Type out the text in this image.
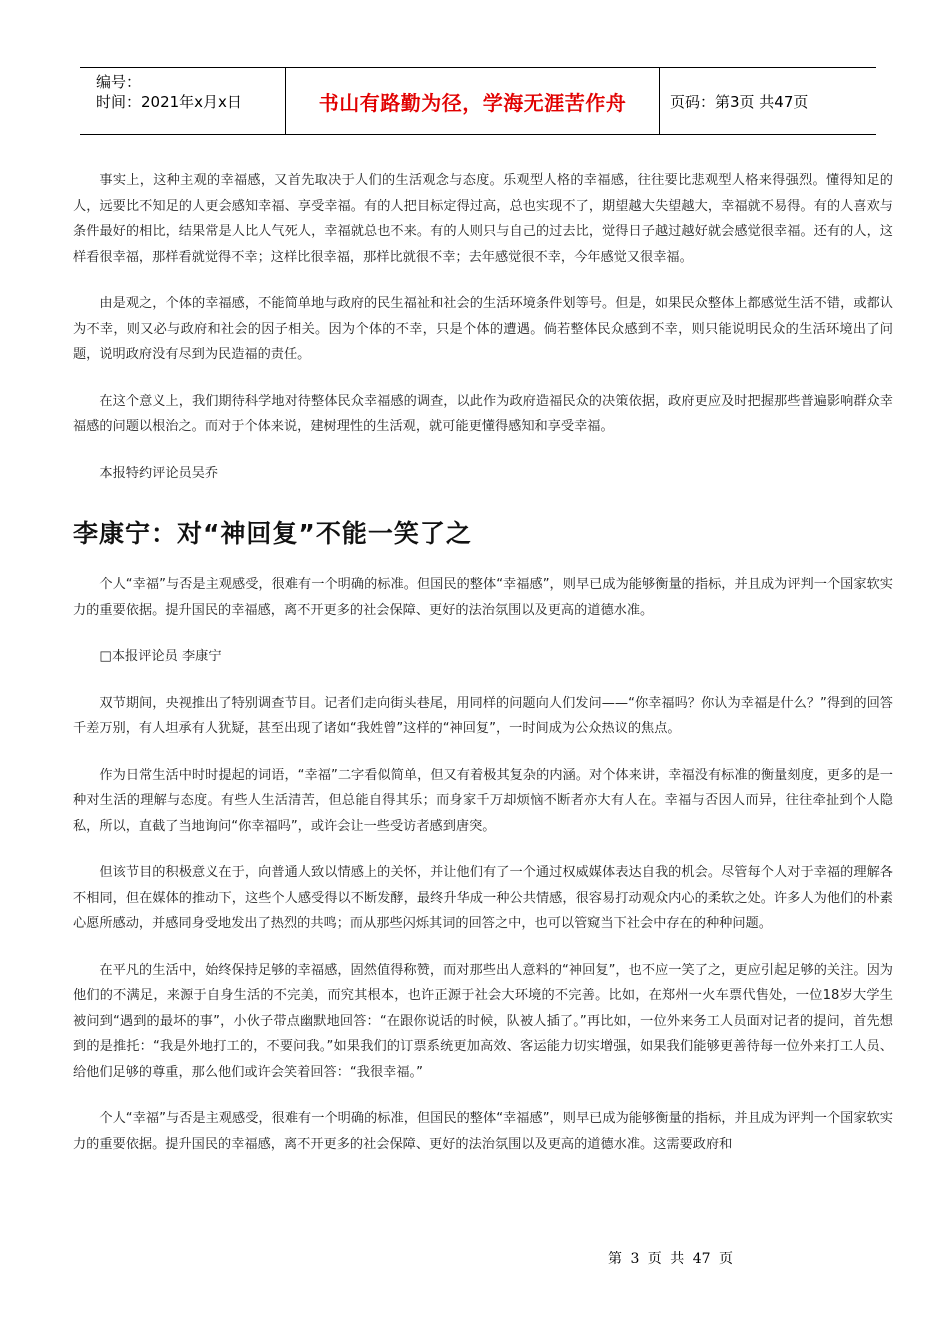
编号：
时间：2021年x月x日	书山有路勤为径，学海无涯苦作舟	页码：第3页 共47页

事实上，这种主观的幸福感，又首先取决于人们的生活观念与态度。乐观型人格的幸福感，往往要比悲观型人格来得强烈。懂得知足的人，远要比不知足的人更会感知幸福、享受幸福。有的人把目标定得过高，总也实现不了，期望越大失望越大，幸福就不易得。有的人喜欢与条件最好的相比，结果常是人比人气死人，幸福就总也不来。有的人则只与自己的过去比，觉得日子越过越好就会感觉很幸福。还有的人，这样看很幸福，那样看就觉得不幸；这样比很幸福，那样比就很不幸；去年感觉很不幸，今年感觉又很幸福。

由是观之，个体的幸福感，不能简单地与政府的民生福祉和社会的生活环境条件划等号。但是，如果民众整体上都感觉生活不错，或都认为不幸，则又必与政府和社会的因子相关。因为个体的不幸，只是个体的遭遇。倘若整体民众感到不幸，则只能说明民众的生活环境出了问题，说明政府没有尽到为民造福的责任。

在这个意义上，我们期待科学地对待整体民众幸福感的调查，以此作为政府造福民众的决策依据，政府更应及时把握那些普遍影响群众幸福感的问题以根治之。而对于个体来说，建树理性的生活观，就可能更懂得感知和享受幸福。

本报特约评论员吴乔

李康宁：对“神回复”不能一笑了之

个人“幸福”与否是主观感受，很难有一个明确的标准。但国民的整体“幸福感”，则早已成为能够衡量的指标，并且成为评判一个国家软实力的重要依据。提升国民的幸福感，离不开更多的社会保障、更好的法治氛围以及更高的道德水准。

□本报评论员 李康宁

双节期间，央视推出了特别调查节目。记者们走向街头巷尾，用同样的问题向人们发问——“你幸福吗？你认为幸福是什么？”得到的回答千差万别，有人坦承有人犹疑，甚至出现了诸如“我姓曾”这样的“神回复”，一时间成为公众热议的焦点。

作为日常生活中时时提起的词语，“幸福”二字看似简单，但又有着极其复杂的内涵。对个体来讲，幸福没有标准的衡量刻度，更多的是一种对生活的理解与态度。有些人生活清苦，但总能自得其乐；而身家千万却烦恼不断者亦大有人在。幸福与否因人而异，往往牵扯到个人隐私，所以，直截了当地询问“你幸福吗”，或许会让一些受访者感到唐突。

但该节目的积极意义在于，向普通人致以情感上的关怀，并让他们有了一个通过权威媒体表达自我的机会。尽管每个人对于幸福的理解各不相同，但在媒体的推动下，这些个人感受得以不断发酵，最终升华成一种公共情感，很容易打动观众内心的柔软之处。许多人为他们的朴素心愿所感动，并感同身受地发出了热烈的共鸣；而从那些闪烁其词的回答之中，也可以管窥当下社会中存在的种种问题。

在平凡的生活中，始终保持足够的幸福感，固然值得称赞，而对那些出人意料的“神回复”，也不应一笑了之，更应引起足够的关注。因为他们的不满足，来源于自身生活的不完美，而究其根本，也许正源于社会大环境的不完善。比如，在郑州一火车票代售处，一位18岁大学生被问到“遇到的最坏的事”，小伙子带点幽默地回答：“在跟你说话的时候，队被人插了。”再比如，一位外来务工人员面对记者的提问，首先想到的是推托：“我是外地打工的，不要问我。”如果我们的订票系统更加高效、客运能力切实增强，如果我们能够更善待每一位外来打工人员、给他们足够的尊重，那么他们或许会笑着回答：“我很幸福。”

个人“幸福”与否是主观感受，很难有一个明确的标准，但国民的整体“幸福感”，则早已成为能够衡量的指标，并且成为评判一个国家软实力的重要依据。提升国民的幸福感，离不开更多的社会保障、更好的法治氛围以及更高的道德水准。这需要政府和

第 3 页 共 47 页
